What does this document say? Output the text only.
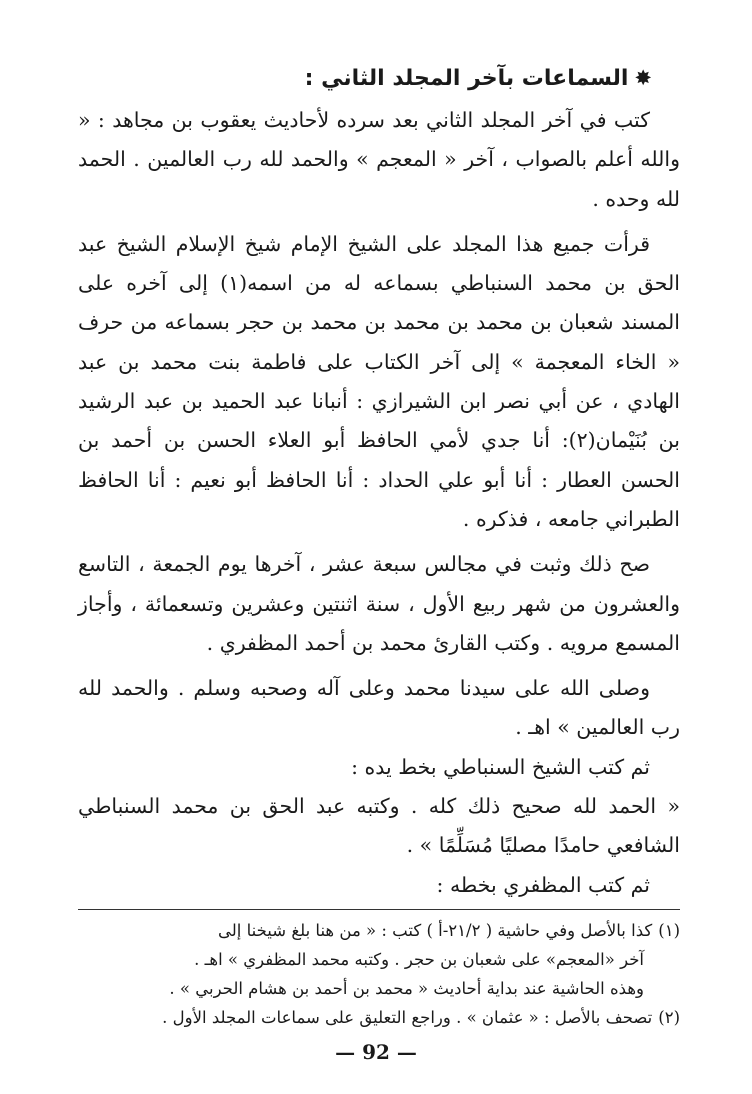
✸السماعات بآخر المجلد الثاني :

كتب في آخر المجلد الثاني بعد سرده لأحاديث يعقوب بن مجاهد : « والله أعلم بالصواب ، آخر « المعجم » والحمد لله رب العالمين . الحمد لله وحده .

قرأت جميع هذا المجلد على الشيخ الإمام شيخ الإسلام الشيخ عبد الحق بن محمد السنباطي بسماعه له من اسمه(١) إلى آخره على المسند شعبان بن محمد بن محمد بن محمد بن حجر بسماعه من حرف « الخاء المعجمة » إلى آخر الكتاب على فاطمة بنت محمد بن عبد الهادي ، عن أبي نصر ابن الشيرازي : أنبانا عبد الحميد بن عبد الرشيد بن بُنَيْمان(٢): أنا جدي لأمي الحافظ أبو العلاء الحسن بن أحمد بن الحسن العطار : أنا أبو علي الحداد : أنا الحافظ أبو نعيم : أنا الحافظ الطبراني جامعه ، فذكره .

صح ذلك وثبت في مجالس سبعة عشر ، آخرها يوم الجمعة ، التاسع والعشرون من شهر ربيع الأول ، سنة اثنتين وعشرين وتسعمائة ، وأجاز المسمع مرويه . وكتب القارئ محمد بن أحمد المظفري .

وصلى الله على سيدنا محمد وعلى آله وصحبه وسلم . والحمد لله رب العالمين » اهـ .

ثم كتب الشيخ السنباطي بخط يده :

« الحمد لله صحيح ذلك كله . وكتبه عبد الحق بن محمد السنباطي الشافعي حامدًا مصليًا مُسَلِّمًا » .

ثم كتب المظفري بخطه :

(١)كذا بالأصل وفي حاشية ( ٢١/٢-أ ) كتب : « من هنا بلغ شيخنا إلى

آخر «المعجم» على شعبان بن حجر . وكتبه محمد المظفري » اهـ .

وهذه الحاشية عند بداية أحاديث « محمد بن أحمد بن هشام الحربي » .

(٢)تصحف بالأصل : « عثمان » . وراجع التعليق على سماعات المجلد الأول .

— 92 —
